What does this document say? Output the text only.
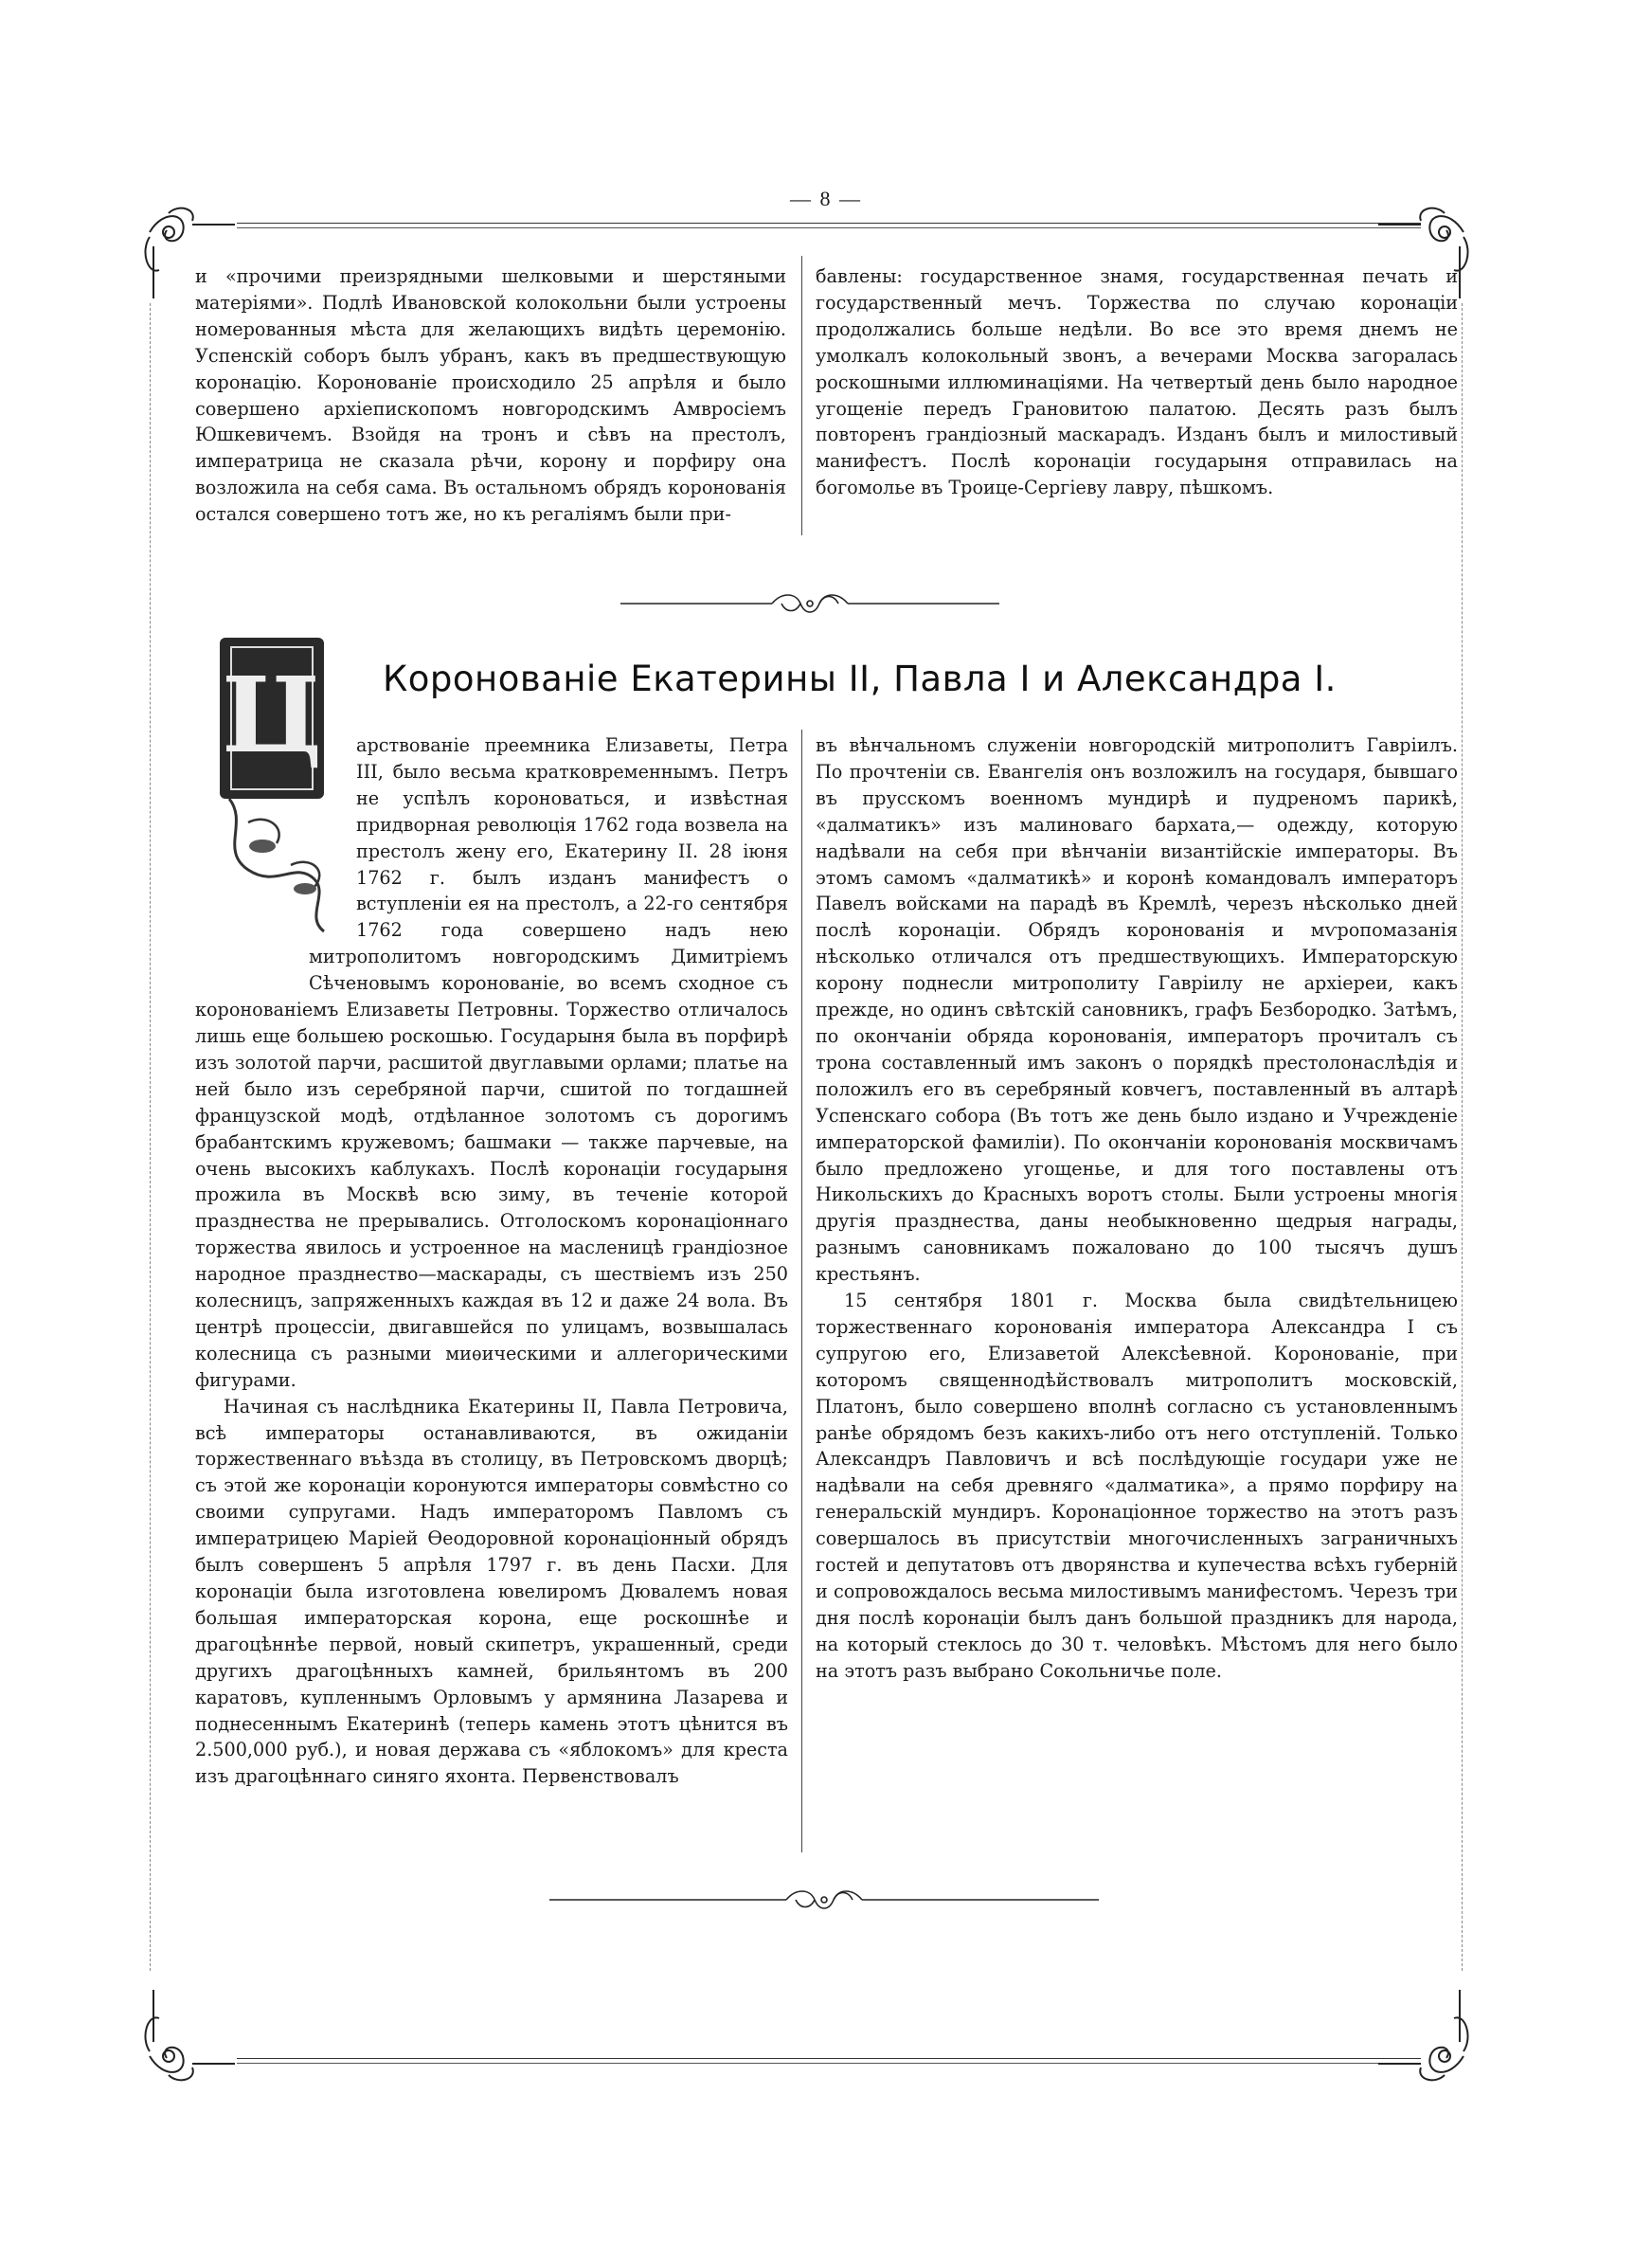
— 8 —

и «прочими преизрядными шелковыми и шерстяными матеріями». Подлѣ Ивановской колокольни были устроены номерованныя мѣста для желающихъ видѣть церемонію. Успенскій соборъ былъ убранъ, какъ въ предшествующую коронацію. Коронованіе происходило 25 апрѣля и было совершено архіепископомъ новгородскимъ Амвросіемъ Юшкевичемъ. Взойдя на тронъ и сѣвъ на престолъ, императрица не сказала рѣчи, корону и порфиру она возложила на себя сама. Въ остальномъ обрядъ коронованія остался совершено тотъ же, но къ регаліямъ были при-

бавлены: государственное знамя, государственная печать и государственный мечъ. Торжества по случаю коронаціи продолжались больше недѣли. Во все это время днемъ не умолкалъ колокольный звонъ, а вечерами Москва загоралась роскошными иллюминаціями. На четвертый день было народное угощеніе передъ Грановитою палатою. Десять разъ былъ повторенъ грандіозный маскарадъ. Изданъ былъ и милостивый манифестъ. Послѣ коронаціи государыня отправилась на богомолье въ Троице-Сергіеву лавру, пѣшкомъ.

Коронованіе Екатерины II, Павла I и Александра I.
Ц	арствованіе преемника Елизаветы, Петра III, было весьма кратковременнымъ. Петръ не успѣлъ короноваться, и извѣстная придворная революція 1762 года возвела на престолъ жену его, Екатерину II. 28 іюня 1762 г. былъ изданъ манифестъ о вступленіи ея на престолъ, а 22-го сентября 1762 года совершено надъ нею митрополитомъ новгородскимъ Димитріемъ Сѣченовымъ коронованіе, во всемъ сходное съ коронованіемъ Елизаветы Петровны. Торжество отличалось лишь еще большею роскошью. Государыня была въ порфирѣ изъ золотой парчи, расшитой двуглавыми орлами; платье на ней было изъ серебряной парчи, сшитой по тогдашней французской модѣ, отдѣланное золотомъ съ дорогимъ брабантскимъ кружевомъ; башмаки — также парчевые, на очень высокихъ каблукахъ. Послѣ коронаціи государыня прожила въ Москвѣ всю зиму, въ теченіе которой празднества не прерывались. Отголоскомъ коронаціоннаго торжества явилось и устроенное на масленицѣ грандіозное народное празднество—маскарады, съ шествіемъ изъ 250 колесницъ, запряженныхъ каждая въ 12 и даже 24 вола. Въ центрѣ процессіи, двигавшейся по улицамъ, возвышалась колесница съ разными миѳическими и аллегорическими фигурами.

Начиная съ наслѣдника Екатерины II, Павла Петровича, всѣ императоры останавливаются, въ ожиданіи торжественнаго въѣзда въ столицу, въ Петровскомъ дворцѣ; съ этой же коронаціи коронуются императоры совмѣстно со своими супругами. Надъ императоромъ Павломъ съ императрицею Маріей Ѳеодоровной коронаціонный обрядъ былъ совершенъ 5 апрѣля 1797 г. въ день Пасхи. Для коронаціи была изготовлена ювелиромъ Дювалемъ новая большая императорская корона, еще роскошнѣе и драгоцѣннѣе первой, новый скипетръ, украшенный, среди другихъ драгоцѣнныхъ камней, брильянтомъ въ 200 каратовъ, купленнымъ Орловымъ у армянина Лазарева и поднесеннымъ Екатеринѣ (теперь камень этотъ цѣнится въ 2.500,000 руб.), и новая держава съ «яблокомъ» для креста изъ драгоцѣннаго синяго яхонта. Первенствовалъ

въ вѣнчальномъ служеніи новгородскій митрополитъ Гавріилъ. По прочтеніи св. Евангелія онъ возложилъ на государя, бывшаго въ прусскомъ военномъ мундирѣ и пудреномъ парикѣ, «далматикъ» изъ малиноваго бархата,— одежду, которую надѣвали на себя при вѣнчаніи византійскіе императоры. Въ этомъ самомъ «далматикѣ» и коронѣ командовалъ императоръ Павелъ войсками на парадѣ въ Кремлѣ, черезъ нѣсколько дней послѣ коронаціи. Обрядъ коронованія и мѵропомазанія нѣсколько отличался отъ предшествующихъ. Императорскую корону поднесли митрополиту Гавріилу не архіереи, какъ прежде, но одинъ свѣтскій сановникъ, графъ Безбородко. Затѣмъ, по окончаніи обряда коронованія, императоръ прочиталъ съ трона составленный имъ законъ о порядкѣ престолонаслѣдія и положилъ его въ серебряный ковчегъ, поставленный въ алтарѣ Успенскаго собора (Въ тотъ же день было издано и Учрежденіе императорской фамиліи). По окончаніи коронованія москвичамъ было предложено угощенье, и для того поставлены отъ Никольскихъ до Красныхъ воротъ столы. Были устроены многія другія празднества, даны необыкновенно щедрыя награды, разнымъ сановникамъ пожаловано до 100 тысячъ душъ крестьянъ.

15 сентября 1801 г. Москва была свидѣтельницею торжественнаго коронованія императора Александра I съ супругою его, Елизаветой Алексѣевной. Коронованіе, при которомъ священнодѣйствовалъ митрополитъ московскій, Платонъ, было совершено вполнѣ согласно съ установленнымъ ранѣе обрядомъ безъ какихъ-либо отъ него отступленій. Только Александръ Павловичъ и всѣ послѣдующіе государи уже не надѣвали на себя древняго «далматика», а прямо порфиру на генеральскій мундиръ. Коронаціонное торжество на этотъ разъ совершалось въ присутствіи многочисленныхъ заграничныхъ гостей и депутатовъ отъ дворянства и купечества всѣхъ губерній и сопровождалось весьма милостивымъ манифестомъ. Черезъ три дня послѣ коронаціи былъ данъ большой праздникъ для народа, на который стеклось до 30 т. человѣкъ. Мѣстомъ для него было на этотъ разъ выбрано Сокольничье поле.
